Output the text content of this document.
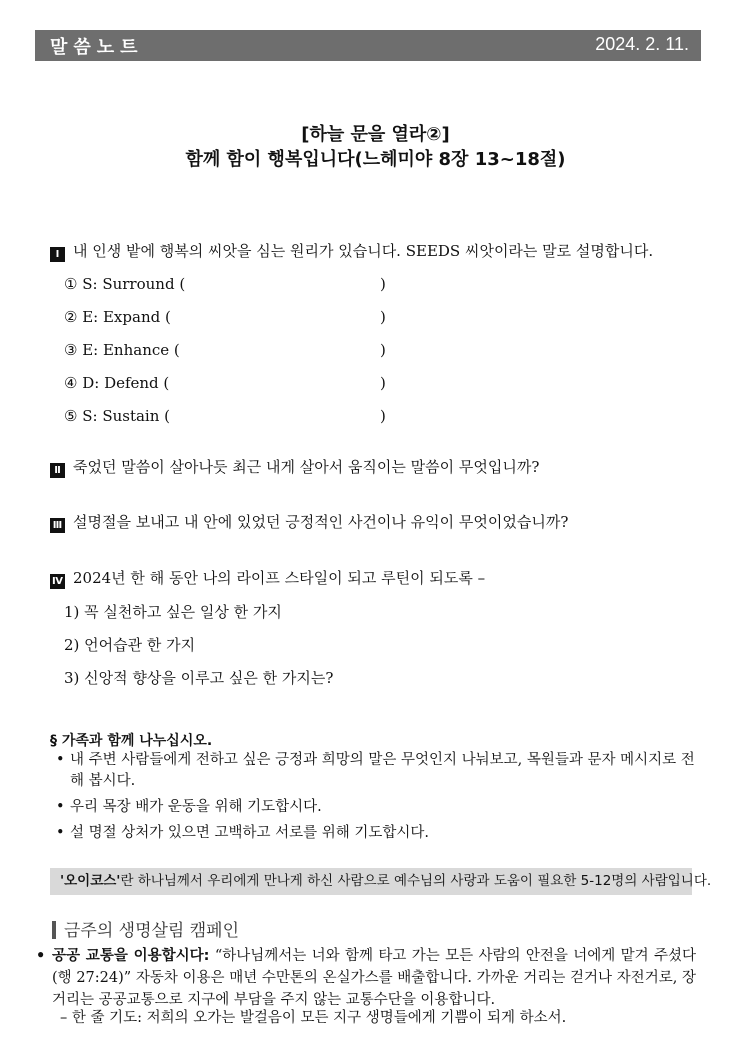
말씀노트	2024. 2. 11.
[하늘 문을 열라②]
함께 함이 행복입니다(느헤미야 8장 13~18절)
Ⅰ 내 인생 밭에 행복의 씨앗을 심는 원리가 있습니다. SEEDS 씨앗이라는 말로 설명합니다.
① S: Surround (	)
② E: Expand (	)
③ E: Enhance (	)
④ D: Defend (	)
⑤ S: Sustain (	)
Ⅱ 죽었던 말씀이 살아나듯 최근 내게 살아서 움직이는 말씀이 무엇입니까?
Ⅲ 설명절을 보내고 내 안에 있었던 긍정적인 사건이나 유익이 무엇이었습니까?
Ⅳ 2024년 한 해 동안 나의 라이프 스타일이 되고 루틴이 되도록 –
1) 꼭 실천하고 싶은 일상 한 가지
2) 언어습관 한 가지
3) 신앙적 향상을 이루고 싶은 한 가지는?
§ 가족과 함께 나누십시오.
• 내 주변 사람들에게 전하고 싶은 긍정과 희망의 말은 무엇인지 나눠보고, 목원들과 문자 메시지로 전해 봅시다.
• 우리 목장 배가 운동을 위해 기도합시다.
• 설 명절 상처가 있으면 고백하고 서로를 위해 기도합시다.
'오이코스'란 하나님께서 우리에게 만나게 하신 사람으로 예수님의 사랑과 도움이 필요한 5-12명의 사람입니다.
금주의 생명살림 캠페인
• 공공 교통을 이용합시다: “하나님께서는 너와 함께 타고 가는 모든 사람의 안전을 너에게 맡겨 주셨다(행 27:24)” 자동차 이용은 매년 수만톤의 온실가스를 배출합니다. 가까운 거리는 걷거나 자전거로, 장거리는 공공교통으로 지구에 부담을 주지 않는 교통수단을 이용합니다.
– 한 줄 기도: 저희의 오가는 발걸음이 모든 지구 생명들에게 기쁨이 되게 하소서.
